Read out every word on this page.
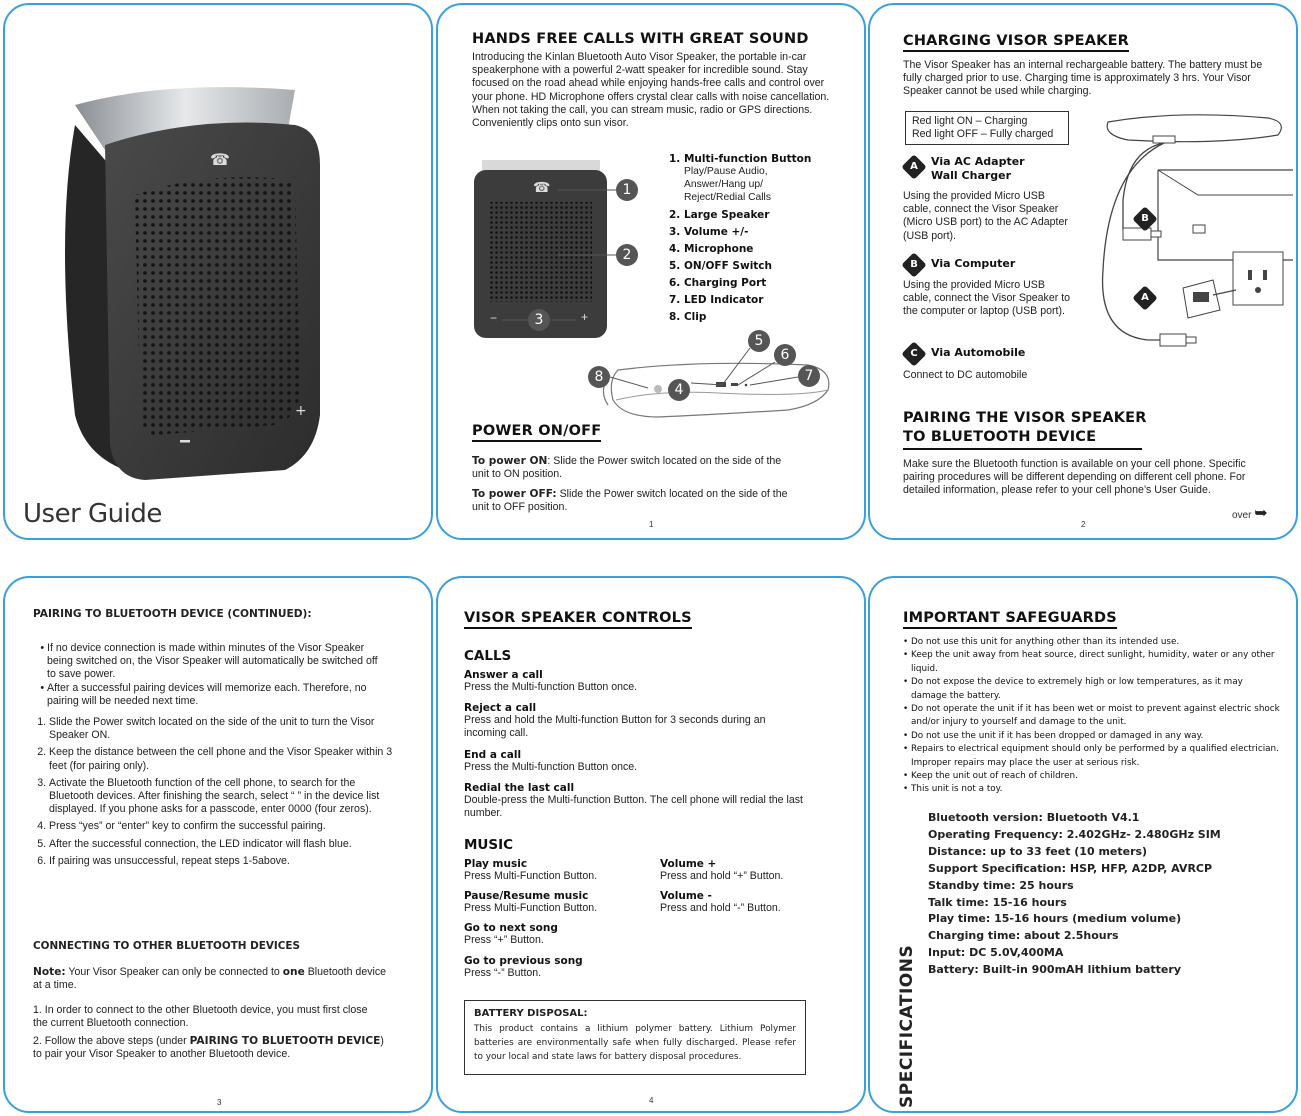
☎
+
User Guide
HANDS FREE CALLS WITH GREAT SOUND
Introducing the Kinlan Bluetooth Auto Visor Speaker, the portable in-car speakerphone with a powerful 2-watt speaker for incredible sound. Stay focused on the road ahead while enjoying hands-free calls and control over your phone. HD Microphone offers crystal clear calls with noise cancellation. When not taking the call, you can stream music, radio or GPS directions. Conveniently clips onto sun visor.
☎
−	+
1
2
3
1. Multi-function Button
Play/Pause Audio,
Answer/Hang up/
Reject/Redial Calls
2. Large Speaker
3. Volume +/-
4. Microphone
5. ON/OFF Switch
6. Charging Port
7. LED Indicator
8. Clip
5
6
7
8
4
POWER ON/OFF
To power ON: Slide the Power switch located on the side of the unit to ON position.
To power OFF: Slide the Power switch located on the side of the unit to OFF position.
1
CHARGING VISOR SPEAKER
The Visor Speaker has an internal rechargeable battery. The battery must be fully charged prior to use. Charging time is approximately 3 hrs. Your Visor Speaker cannot be used while charging.
Red light ON – Charging
Red light OFF – Fully charged
A	Via AC Adapter
Wall Charger
Using the provided Micro USB cable, connect the Visor Speaker (Micro USB port) to the AC Adapter (USB port).
B	Via Computer
Using the provided Micro USB cable, connect the Visor Speaker to the computer or laptop (USB port).
C	Via Automobile
Connect to DC automobile
B
A
PAIRING THE VISOR SPEAKER
TO BLUETOOTH DEVICE
Make sure the Bluetooth function is available on your cell phone. Specific pairing procedures will be different depending on different cell phone. For detailed information, please refer to your cell phone’s User Guide.
over ➥
2
PAIRING TO BLUETOOTH DEVICE (CONTINUED):
• If no device connection is made within minutes of the Visor Speaker being switched on, the Visor Speaker will automatically be switched off to save power.
• After a successful pairing devices will memorize each. Therefore, no pairing will be needed next time.
1. Slide the Power switch located on the side of the unit to turn the Visor Speaker ON.
2. Keep the distance between the cell phone and the Visor Speaker within 3 feet (for pairing only).
3. Activate the Bluetooth function of the cell phone, to search for the Bluetooth devices. After finishing the search, select “ ” in the device list displayed. If you phone asks for a passcode, enter 0000 (four zeros).
4. Press “yes” or “enter” key to confirm the successful pairing.
5. After the successful connection, the LED indicator will flash blue.
6. If pairing was unsuccessful, repeat steps 1-5above.
CONNECTING TO OTHER BLUETOOTH DEVICES
Note: Your Visor Speaker can only be connected to one Bluetooth device at a time.
1. In order to connect to the other Bluetooth device, you must first close the current Bluetooth connection.
2. Follow the above steps (under PAIRING TO BLUETOOTH DEVICE) to pair your Visor Speaker to another Bluetooth device.
3
VISOR SPEAKER CONTROLS
CALLS
Answer a call
Press the Multi-function Button once.
Reject a call
Press and hold the Multi-function Button for 3 seconds during an incoming call.
End a call
Press the Multi-function Button once.
Redial the last call
Double-press the Multi-function Button. The cell phone will redial the last number.
MUSIC
Play music
Press Multi-Function Button.
Pause/Resume music
Press Multi-Function Button.
Go to next song
Press “+” Button.
Go to previous song
Press “-” Button.
Volume +
Press and hold “+” Button.
Volume -
Press and hold “-” Button.
BATTERY DISPOSAL:
This product contains a lithium polymer battery. Lithium Polymer batteries are environmentally safe when fully discharged. Please refer to your local and state laws for battery disposal procedures.
4
IMPORTANT SAFEGUARDS
• Do not use this unit for anything other than its intended use.
• Keep the unit away from heat source, direct sunlight, humidity, water or any other liquid.
• Do not expose the device to extremely high or low temperatures, as it may damage the battery.
• Do not operate the unit if it has been wet or moist to prevent against electric shock and/or injury to yourself and damage to the unit.
• Do not use the unit if it has been dropped or damaged in any way.
• Repairs to electrical equipment should only be performed by a qualified electrician. Improper repairs may place the user at serious risk.
• Keep the unit out of reach of children.
• This unit is not a toy.
SPECIFICATIONS
Bluetooth version: Bluetooth V4.1
Operating Frequency: 2.402GHz- 2.480GHz SIM
Distance: up to 33 feet (10 meters)
Support Specification: HSP, HFP, A2DP, AVRCP
Standby time: 25 hours
Talk time: 15-16 hours
Play time: 15-16 hours (medium volume)
Charging time: about 2.5hours
Input: DC 5.0V,400MA
Battery: Built-in 900mAH lithium battery
